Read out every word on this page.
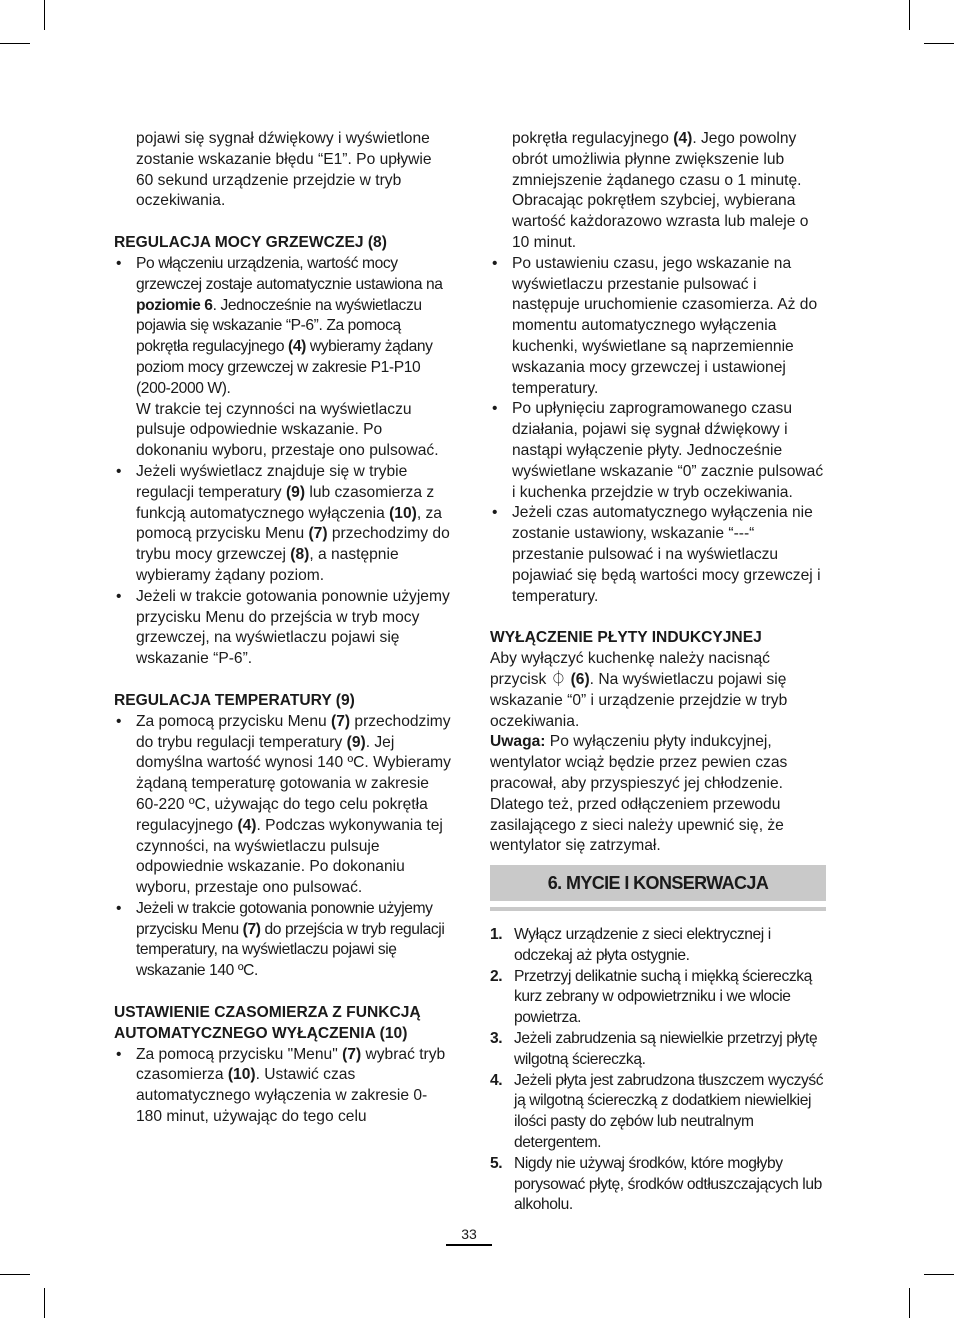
pojawi się sygnał dźwiękowy i wyświetlone zostanie wskazanie błędu “E1”. Po upływie 60 sekund urządzenie przejdzie w tryb oczekiwania.

REGULACJA MOCY GRZEWCZEJ (8)

• Po włączeniu urządzenia, wartość mocy grzewczej zostaje automatycznie ustawiona na poziomie 6. Jednocześnie na wyświetlaczu pojawia się wskazanie “P-6”. Za pomocą pokrętła regulacyjnego (4) wybieramy żądany poziom mocy grzewczej w zakresie P1-P10 (200-2000 W).
W trakcie tej czynności na wyświetlaczu pulsuje odpowiednie wskazanie. Po dokonaniu wyboru, przestaje ono pulsować.
• Jeżeli wyświetlacz znajduje się w trybie regulacji temperatury (9) lub czasomierza z funkcją automatycznego wyłączenia (10), za pomocą przycisku Menu (7) przechodzimy do trybu mocy grzewczej (8), a następnie wybieramy żądany poziom.
• Jeżeli w trakcie gotowania ponownie użyjemy przycisku Menu do przejścia w tryb mocy grzewczej, na wyświetlaczu pojawi się wskazanie “P-6”.

REGULACJA TEMPERATURY (9)

• Za pomocą przycisku Menu (7) przechodzimy do trybu regulacji temperatury (9). Jej domyślna wartość wynosi 140 ºC. Wybieramy żądaną temperaturę gotowania w zakresie 60-220 ºC, używając do tego celu pokrętła regulacyjnego (4). Podczas wykonywania tej czynności, na wyświetlaczu pulsuje odpowiednie wskazanie. Po dokonaniu wyboru, przestaje ono pulsować.
• Jeżeli w trakcie gotowania ponownie użyjemy przycisku Menu (7) do przejścia w tryb regulacji temperatury, na wyświetlaczu pojawi się wskazanie 140 ºC.

USTAWIENIE CZASOMIERZA Z FUNKCJĄ AUTOMATYCZNEGO WYŁĄCZENIA (10)

• Za pomocą przycisku "Menu" (7) wybrać tryb czasomierza (10). Ustawić czas automatycznego wyłączenia w zakresie 0-180 minut, używając do tego celu

pokrętła regulacyjnego (4). Jego powolny obrót umożliwia płynne zwiększenie lub zmniejszenie żądanego czasu o 1 minutę. Obracając pokrętłem szybciej, wybierana wartość każdorazowo wzrasta lub maleje o 10 minut.

• Po ustawieniu czasu, jego wskazanie na wyświetlaczu przestanie pulsować i następuje uruchomienie czasomierza. Aż do momentu automatycznego wyłączenia kuchenki, wyświetlane są naprzemiennie wskazania mocy grzewczej i ustawionej temperatury.
• Po upłynięciu zaprogramowanego czasu działania, pojawi się sygnał dźwiękowy i nastąpi wyłączenie płyty. Jednocześnie wyświetlane wskazanie “0” zacznie pulsować i kuchenka przejdzie w tryb oczekiwania.
• Jeżeli czas automatycznego wyłączenia nie zostanie ustawiony, wskazanie “---“ przestanie pulsować i na wyświetlaczu pojawiać się będą wartości mocy grzewczej i temperatury.

WYŁĄCZENIE PŁYTY INDUKCYJNEJ

Aby wyłączyć kuchenkę należy nacisnąć przycisk ⏀ (6). Na wyświetlaczu pojawi się wskazanie “0” i urządzenie przejdzie w tryb oczekiwania.

Uwaga: Po wyłączeniu płyty indukcyjnej, wentylator wciąż będzie przez pewien czas pracował, aby przyspieszyć jej chłodzenie. Dlatego też, przed odłączeniem przewodu zasilającego z sieci należy upewnić się, że wentylator się zatrzymał.

6. MYCIE I KONSERWACJA
1. Wyłącz urządzenie z sieci elektrycznej i odczekaj aż płyta ostygnie.
2. Przetrzyj delikatnie suchą i miękką ściereczką kurz zebrany w odpowietrzniku i we wlocie powietrza.
3. Jeżeli zabrudzenia są niewielkie przetrzyj płytę wilgotną ściereczką.
4. Jeżeli płyta jest zabrudzona tłuszczem wyczyść ją wilgotną ściereczką z dodatkiem niewielkiej ilości pasty do zębów lub neutralnym detergentem.
5. Nigdy nie używaj środków, które mogłyby porysować płytę, środków odtłuszczających lub alkoholu.
33
